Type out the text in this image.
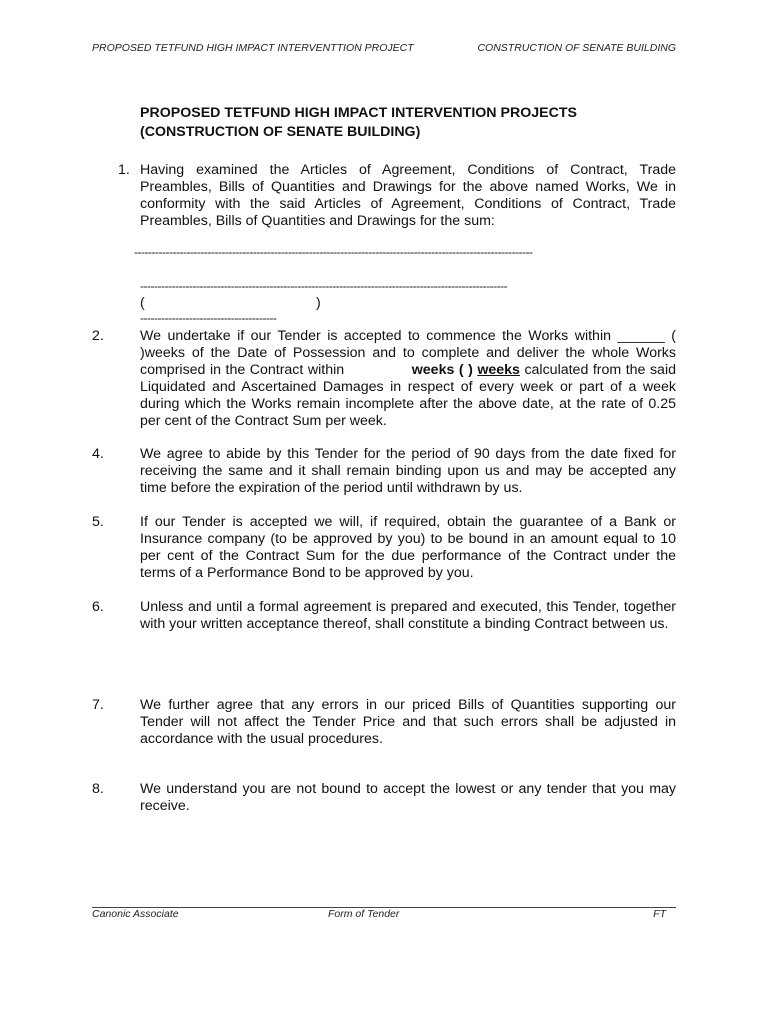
PROPOSED TETFUND HIGH IMPACT INTERVENTTION PROJECT	CONSTRUCTION OF SENATE BUILDING
PROPOSED TETFUND HIGH IMPACT INTERVENTION PROJECTS
(CONSTRUCTION OF SENATE BUILDING)
1. Having examined the Articles of Agreement, Conditions of Contract, Trade Preambles, Bills of Quantities and Drawings for the above named Works, We in conformity with the said Articles of Agreement, Conditions of Contract, Trade Preambles, Bills of Quantities and Drawings for the sum:
------------------------------------------------------------------------------------------------------------------
---------------------------------------------------------------------------------------------------------
(	)
---------------------------------------
2.	We undertake if our Tender is accepted to commence the Works within ______ ( )weeks of the Date of Possession and to complete and deliver the whole Works comprised in the Contract within	weeks ( ) weeks calculated from the said Liquidated and Ascertained Damages in respect of every week or part of a week during which the Works remain incomplete after the above date, at the rate of 0.25 per cent of the Contract Sum per week.
4.	We agree to abide by this Tender for the period of 90 days from the date fixed for receiving the same and it shall remain binding upon us and may be accepted any time before the expiration of the period until withdrawn by us.
5.	If our Tender is accepted we will, if required, obtain the guarantee of a Bank or Insurance company (to be approved by you) to be bound in an amount equal to 10 per cent of the Contract Sum for the due performance of the Contract under the terms of a Performance Bond to be approved by you.
6.	Unless and until a formal agreement is prepared and executed, this Tender, together with your written acceptance thereof, shall constitute a binding Contract between us.
7.	We further agree that any errors in our priced Bills of Quantities supporting our Tender will not affect the Tender Price and that such errors shall be adjusted in accordance with the usual procedures.
8.	We understand you are not bound to accept the lowest or any tender that you may receive.
Canonic Associate	Form of Tender	FT
